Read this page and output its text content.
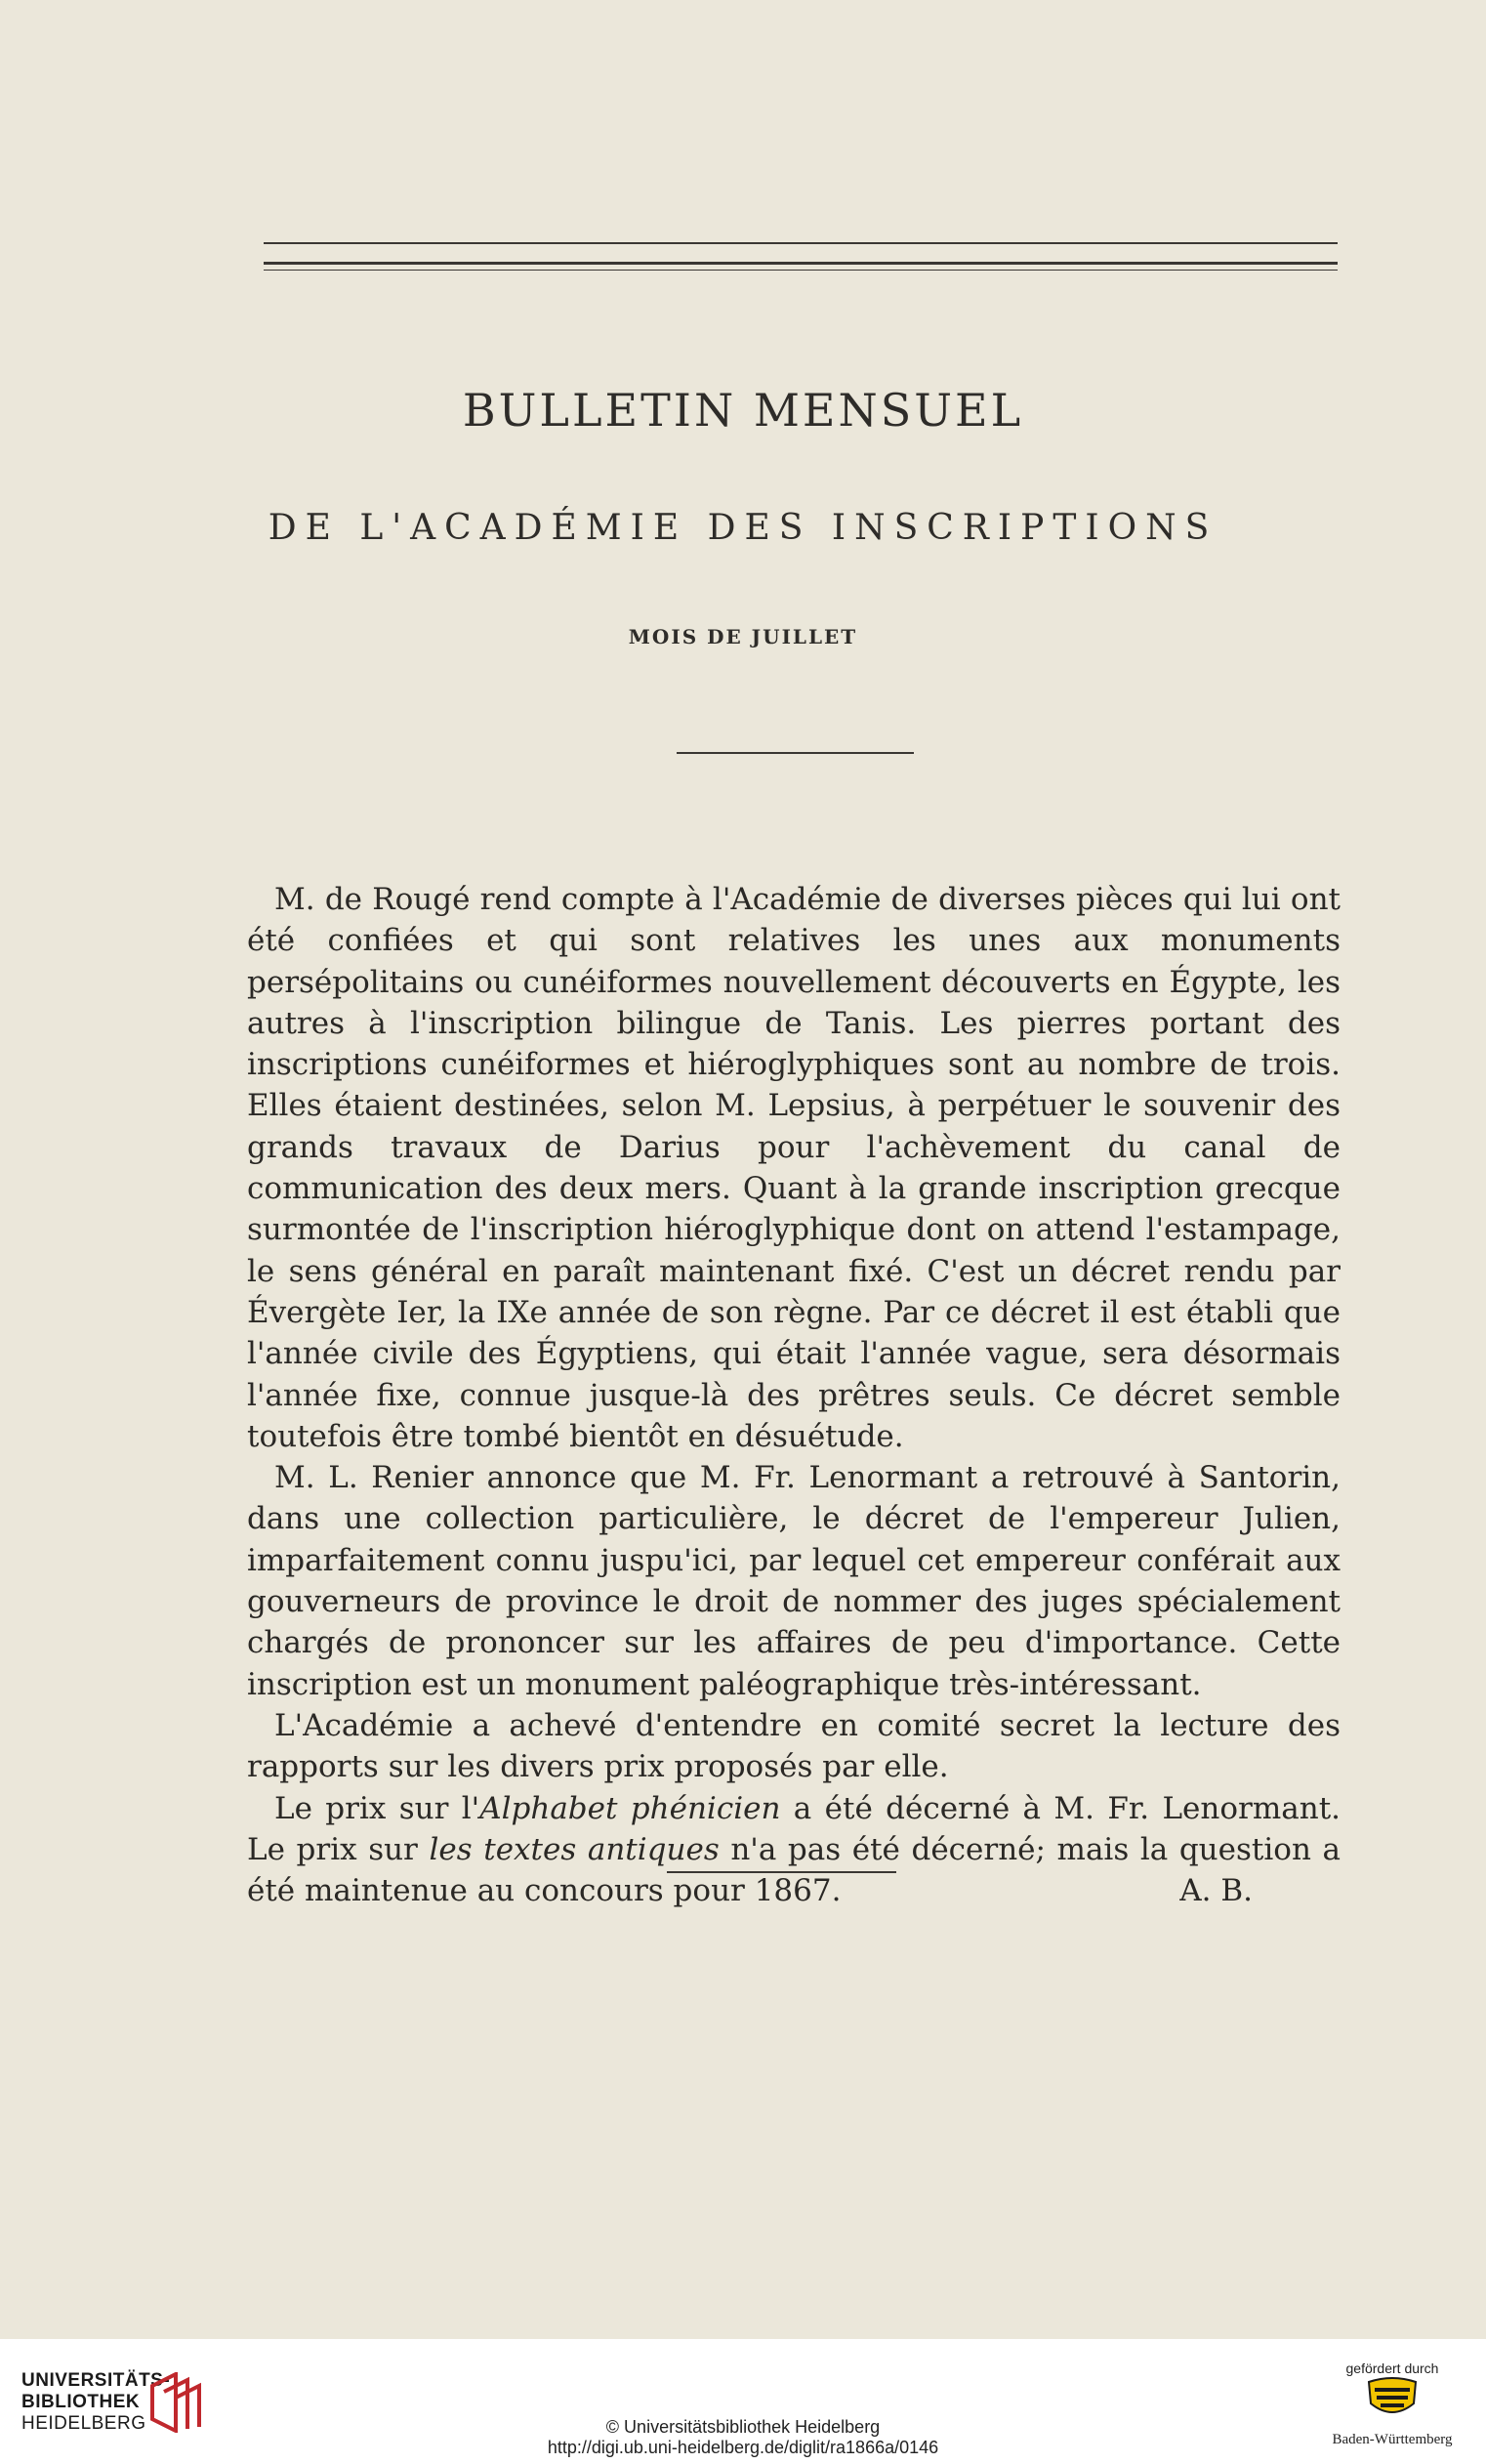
BULLETIN MENSUEL
DE L'ACADÉMIE DES INSCRIPTIONS
MOIS DE JUILLET

M. de Rougé rend compte à l'Académie de diverses pièces qui lui ont été confiées et qui sont relatives les unes aux monuments persépolitains ou cunéiformes nouvellement découverts en Égypte, les autres à l'inscription bilingue de Tanis. Les pierres portant des inscriptions cunéiformes et hiéroglyphiques sont au nombre de trois. Elles étaient destinées, selon M. Lepsius, à perpétuer le souvenir des grands travaux de Darius pour l'achèvement du canal de communication des deux mers. Quant à la grande inscription grecque surmontée de l'inscription hiéroglyphique dont on attend l'estampage, le sens général en paraît maintenant fixé. C'est un décret rendu par Évergète Ier, la IXe année de son règne. Par ce décret il est établi que l'année civile des Égyptiens, qui était l'année vague, sera désormais l'année fixe, connue jusque-là des prêtres seuls. Ce décret semble toutefois être tombé bientôt en désuétude.

M. L. Renier annonce que M. Fr. Lenormant a retrouvé à Santorin, dans une collection particulière, le décret de l'empereur Julien, imparfaitement connu juspu'ici, par lequel cet empereur conférait aux gouverneurs de province le droit de nommer des juges spécialement chargés de prononcer sur les affaires de peu d'importance. Cette inscription est un monument paléographique très-intéressant.

L'Académie a achevé d'entendre en comité secret la lecture des rapports sur les divers prix proposés par elle.

Le prix sur l'Alphabet phénicien a été décerné à M. Fr. Lenormant. Le prix sur les textes antiques n'a pas été décerné; mais la question a été maintenue au concours pour 1867.	A. B.

UNIVERSITÄTS-
BIBLIOTHEK
HEIDELBERG	© Universitätsbibliothek Heidelberg
http://digi.ub.uni-heidelberg.de/diglit/ra1866a/0146
gefördert durch
Baden-Württemberg
